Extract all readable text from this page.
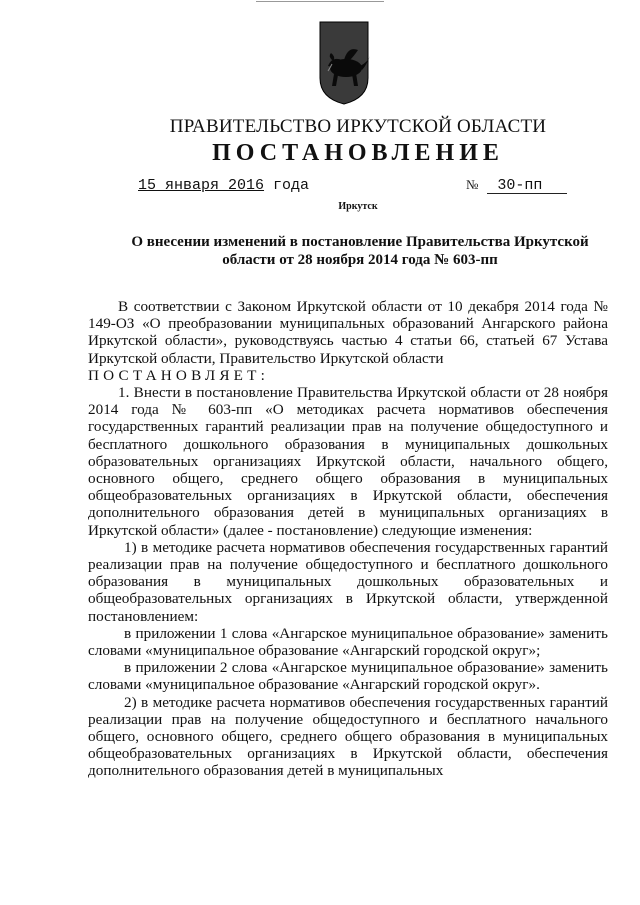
ПРАВИТЕЛЬСТВО ИРКУТСКОЙ ОБЛАСТИ
ПОСТАНОВЛЕНИЕ
15 января 2016 года	№ 30-пп
Иркутск
О внесении изменений в постановление Правительства Иркутской области от 28 ноября 2014 года № 603-пп

В соответствии с Законом Иркутской области от 10 декабря 2014 года № 149-ОЗ «О преобразовании муниципальных образований Ангарского района Иркутской области», руководствуясь частью 4 статьи 66, статьей 67 Устава Иркутской области, Правительство Иркутской области

ПОСТАНОВЛЯЕТ:

1. Внести в постановление Правительства Иркутской области от 28 ноября 2014 года № 603-пп «О методиках расчета нормативов обеспечения государственных гарантий реализации прав на получение общедоступного и бесплатного дошкольного образования в муниципальных дошкольных образовательных организациях Иркутской области, начального общего, основного общего, среднего общего образования в муниципальных общеобразовательных организациях в Иркутской области, обеспечения дополнительного образования детей в муниципальных организациях в Иркутской области» (далее - постановление) следующие изменения:

1) в методике расчета нормативов обеспечения государственных гарантий реализации прав на получение общедоступного и бесплатного дошкольного образования в муниципальных дошкольных образовательных и общеобразовательных организациях в Иркутской области, утвержденной постановлением:

в приложении 1 слова «Ангарское муниципальное образование» заменить словами «муниципальное образование «Ангарский городской округ»;

в приложении 2 слова «Ангарское муниципальное образование» заменить словами «муниципальное образование «Ангарский городской округ».

2) в методике расчета нормативов обеспечения государственных гарантий реализации прав на получение общедоступного и бесплатного начального общего, основного общего, среднего общего образования в муниципальных общеобразовательных организациях в Иркутской области, обеспечения дополнительного образования детей в муниципальных
